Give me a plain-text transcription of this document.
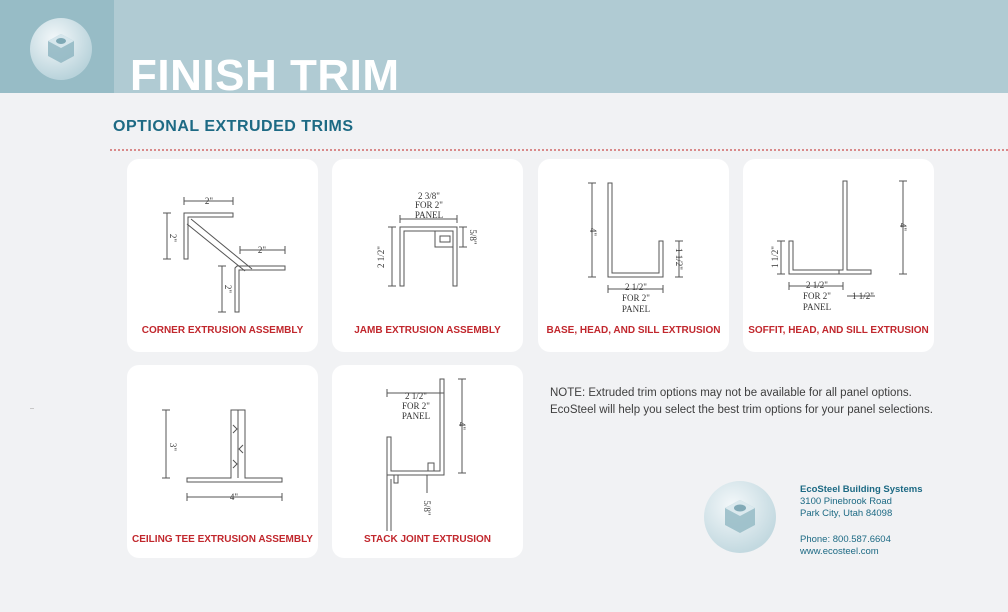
FINISH TRIM
OPTIONAL EXTRUDED TRIMS
2"
2"
2"
2"
CORNER EXTRUSION ASSEMBLY
2 3/8"
FOR 2"
PANEL
2 1/2"
5/8"
JAMB EXTRUSION ASSEMBLY
4"
1 1/2"
2 1/2"
FOR 2"
PANEL
BASE, HEAD, AND SILL EXTRUSION
4"
1 1/2"
2 1/2"
FOR 2"
PANEL
1 1/2"
SOFFIT, HEAD, AND SILL EXTRUSION
3"
4"
CEILING TEE EXTRUSION ASSEMBLY
2 1/2"
FOR 2"
PANEL
4"
5/8"
STACK JOINT EXTRUSION

NOTE: Extruded trim options may not be available for all panel options.
EcoSteel will help you select the best trim options for your panel selections.

EcoSteel Building Systems
3100 Pinebrook Road
Park City, Utah 84098
Phone: 800.587.6604
www.ecosteel.com
